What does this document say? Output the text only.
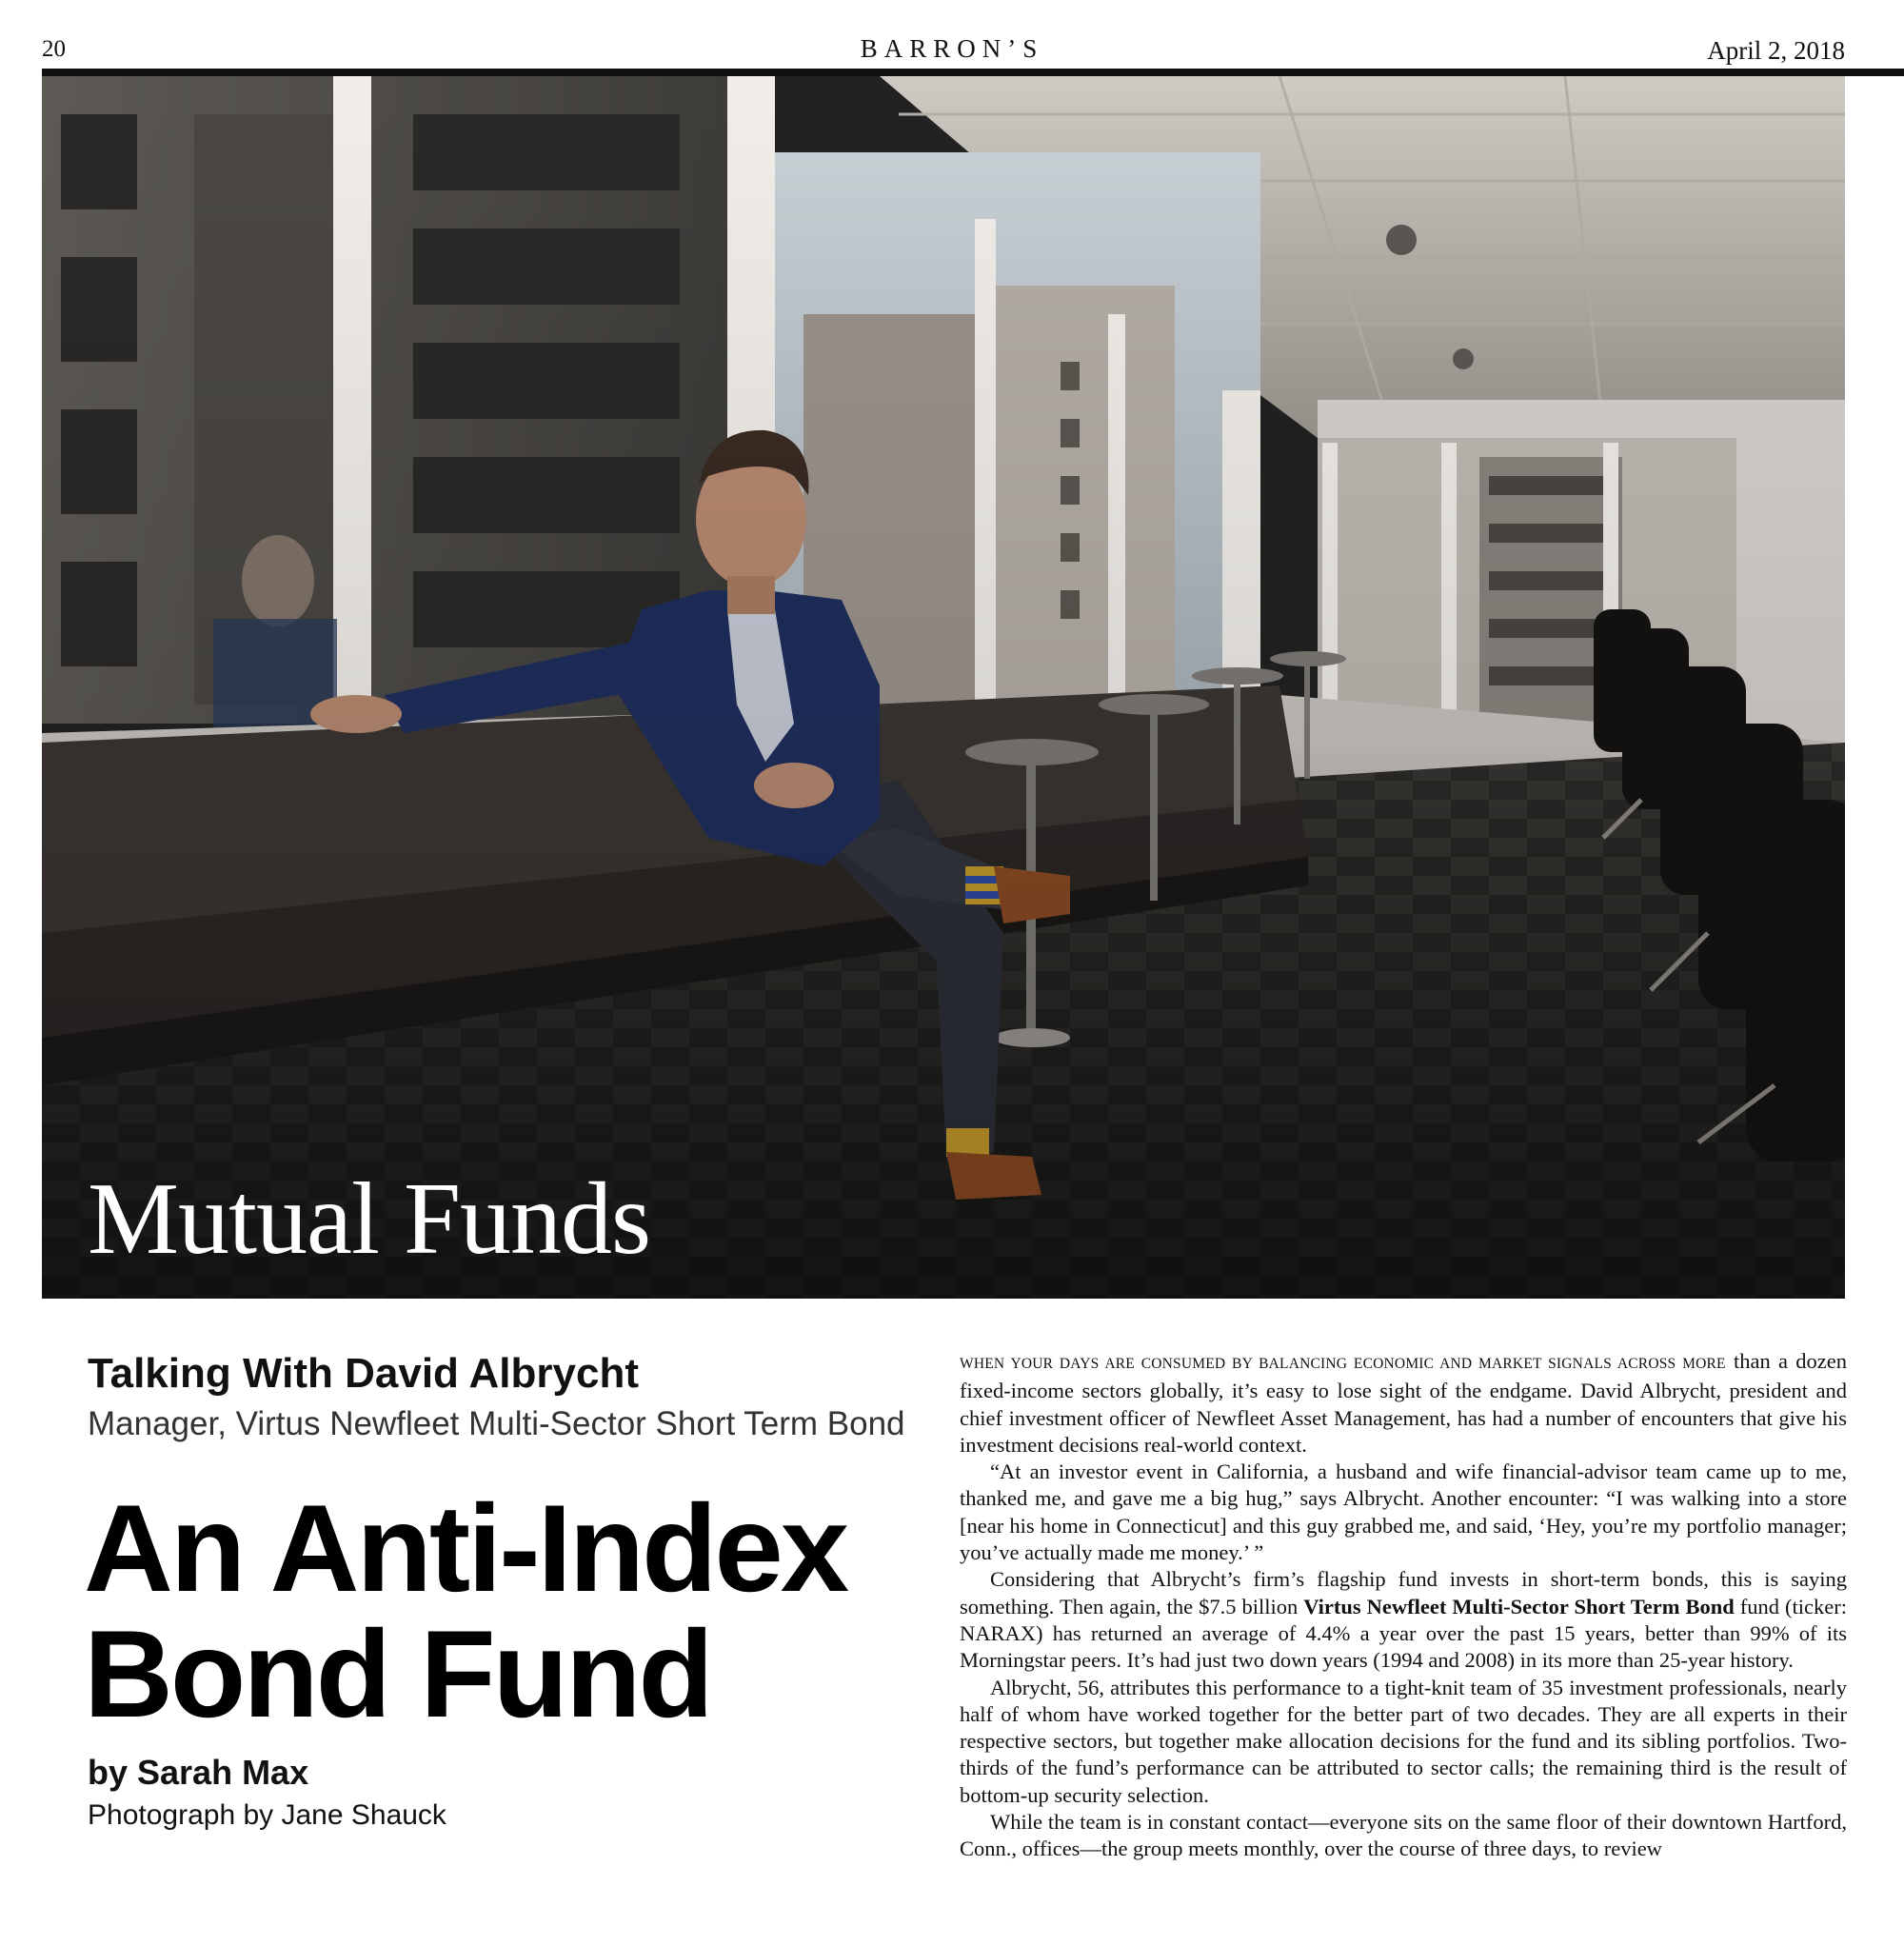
20	BARRON’S	April 2, 2018
Mutual Funds
Talking With David Albrycht
Manager, Virtus Newfleet Multi-Sector Short Term Bond
An Anti-Index
Bond Fund
by Sarah Max
Photograph by Jane Shauck

WHEN YOUR DAYS ARE CONSUMED BY BALANCING ECONOMIC AND MARKET SIGNALS ACROSS MORE than a dozen fixed-income sectors globally, it’s easy to lose sight of the endgame. David Albrycht, president and chief investment officer of Newfleet Asset Management, has had a number of encounters that give his investment decisions real-world context.

“At an investor event in California, a husband and wife financial-advisor team came up to me, thanked me, and gave me a big hug,” says Albrycht. Another encounter: “I was walking into a store [near his home in Connecticut] and this guy grabbed me, and said, ‘Hey, you’re my portfolio manager; you’ve actually made me money.’ ”

Considering that Albrycht’s firm’s flagship fund invests in short-term bonds, this is saying something. Then again, the $7.5 billion Virtus Newfleet Multi-Sector Short Term Bond fund (ticker: NARAX) has returned an average of 4.4% a year over the past 15 years, better than 99% of its Morningstar peers. It’s had just two down years (1994 and 2008) in its more than 25-year history.

Albrycht, 56, attributes this performance to a tight-knit team of 35 investment professionals, nearly half of whom have worked together for the better part of two decades. They are all experts in their respective sectors, but together make allocation decisions for the fund and its sibling portfolios. Two-thirds of the fund’s performance can be attributed to sector calls; the remaining third is the result of bottom-up security selection.

While the team is in constant contact—everyone sits on the same floor of their downtown Hartford, Conn., offices—the group meets monthly, over the course of three days, to review
